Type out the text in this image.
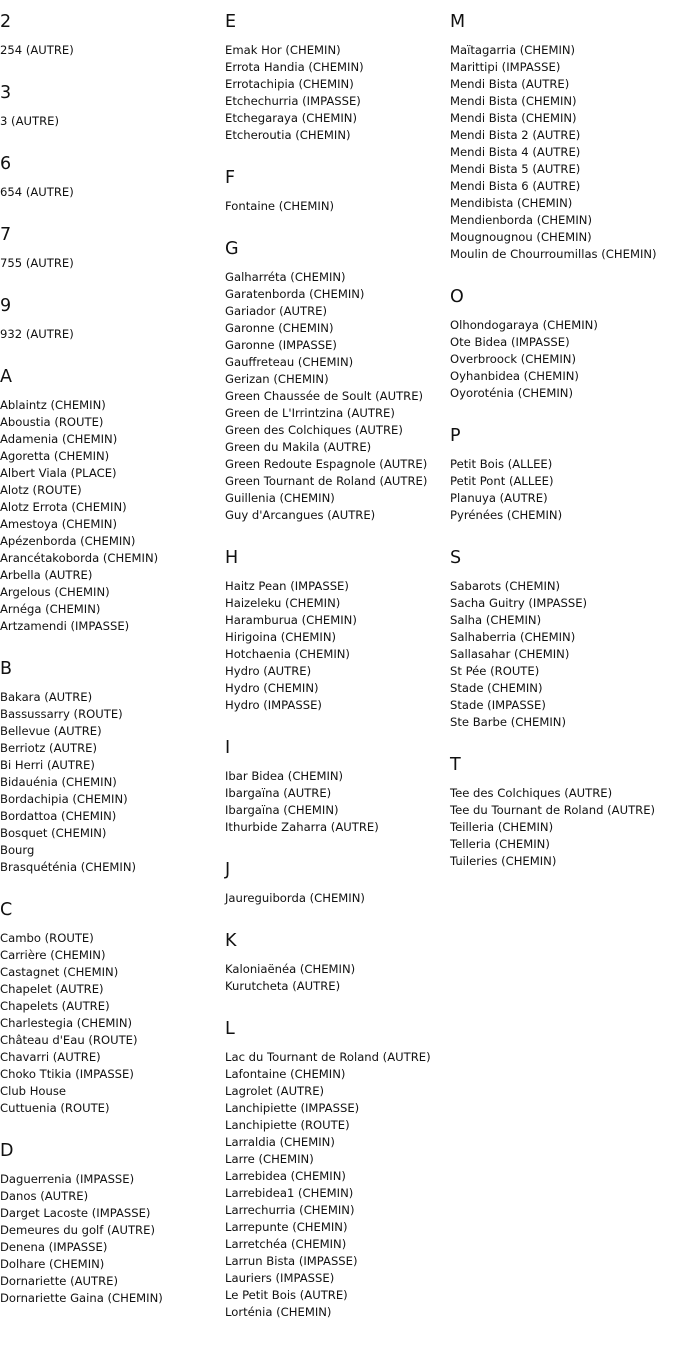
2
254 (AUTRE)
3
3 (AUTRE)
6
654 (AUTRE)
7
755 (AUTRE)
9
932 (AUTRE)
A
Ablaintz (CHEMIN)
Aboustia (ROUTE)
Adamenia (CHEMIN)
Agoretta (CHEMIN)
Albert Viala (PLACE)
Alotz (ROUTE)
Alotz Errota (CHEMIN)
Amestoya (CHEMIN)
Apézenborda (CHEMIN)
Arancétakoborda (CHEMIN)
Arbella (AUTRE)
Argelous (CHEMIN)
Arnéga (CHEMIN)
Artzamendi (IMPASSE)
B
Bakara (AUTRE)
Bassussarry (ROUTE)
Bellevue (AUTRE)
Berriotz (AUTRE)
Bi Herri (AUTRE)
Bidauénia (CHEMIN)
Bordachipia (CHEMIN)
Bordattoa (CHEMIN)
Bosquet (CHEMIN)
Bourg
Brasquéténia (CHEMIN)
C
Cambo (ROUTE)
Carrière (CHEMIN)
Castagnet (CHEMIN)
Chapelet (AUTRE)
Chapelets (AUTRE)
Charlestegia (CHEMIN)
Château d'Eau (ROUTE)
Chavarri (AUTRE)
Choko Ttikia (IMPASSE)
Club House
Cuttuenia (ROUTE)
D
Daguerrenia (IMPASSE)
Danos (AUTRE)
Darget Lacoste (IMPASSE)
Demeures du golf (AUTRE)
Denena (IMPASSE)
Dolhare (CHEMIN)
Dornariette (AUTRE)
Dornariette Gaina (CHEMIN)
E
Emak Hor (CHEMIN)
Errota Handia (CHEMIN)
Errotachipia (CHEMIN)
Etchechurria (IMPASSE)
Etchegaraya (CHEMIN)
Etcheroutia (CHEMIN)
F
Fontaine (CHEMIN)
G
Galharréta (CHEMIN)
Garatenborda (CHEMIN)
Gariador (AUTRE)
Garonne (CHEMIN)
Garonne (IMPASSE)
Gauffreteau (CHEMIN)
Gerizan (CHEMIN)
Green Chaussée de Soult (AUTRE)
Green de L'Irrintzina (AUTRE)
Green des Colchiques (AUTRE)
Green du Makila (AUTRE)
Green Redoute Espagnole (AUTRE)
Green Tournant de Roland (AUTRE)
Guillenia (CHEMIN)
Guy d'Arcangues (AUTRE)
H
Haitz Pean (IMPASSE)
Haizeleku (CHEMIN)
Haramburua (CHEMIN)
Hirigoina (CHEMIN)
Hotchaenia (CHEMIN)
Hydro (AUTRE)
Hydro (CHEMIN)
Hydro (IMPASSE)
I
Ibar Bidea (CHEMIN)
Ibargaïna (AUTRE)
Ibargaïna (CHEMIN)
Ithurbide Zaharra (AUTRE)
J
Jaureguiborda (CHEMIN)
K
Kaloniaënéa (CHEMIN)
Kurutcheta (AUTRE)
L
Lac du Tournant de Roland (AUTRE)
Lafontaine (CHEMIN)
Lagrolet (AUTRE)
Lanchipiette (IMPASSE)
Lanchipiette (ROUTE)
Larraldia (CHEMIN)
Larre (CHEMIN)
Larrebidea (CHEMIN)
Larrebidea1 (CHEMIN)
Larrechurria (CHEMIN)
Larrepunte (CHEMIN)
Larretchéa (CHEMIN)
Larrun Bista (IMPASSE)
Lauriers (IMPASSE)
Le Petit Bois (AUTRE)
Lorténia (CHEMIN)
M
Maïtagarria (CHEMIN)
Marittipi (IMPASSE)
Mendi Bista (AUTRE)
Mendi Bista (CHEMIN)
Mendi Bista (CHEMIN)
Mendi Bista 2 (AUTRE)
Mendi Bista 4 (AUTRE)
Mendi Bista 5 (AUTRE)
Mendi Bista 6 (AUTRE)
Mendibista (CHEMIN)
Mendienborda (CHEMIN)
Mougnougnou (CHEMIN)
Moulin de Chourroumillas (CHEMIN)
O
Olhondogaraya (CHEMIN)
Ote Bidea (IMPASSE)
Overbroock (CHEMIN)
Oyhanbidea (CHEMIN)
Oyoroténia (CHEMIN)
P
Petit Bois (ALLEE)
Petit Pont (ALLEE)
Planuya (AUTRE)
Pyrénées (CHEMIN)
S
Sabarots (CHEMIN)
Sacha Guitry (IMPASSE)
Salha (CHEMIN)
Salhaberria (CHEMIN)
Sallasahar (CHEMIN)
St Pée (ROUTE)
Stade (CHEMIN)
Stade (IMPASSE)
Ste Barbe (CHEMIN)
T
Tee des Colchiques (AUTRE)
Tee du Tournant de Roland (AUTRE)
Teilleria (CHEMIN)
Telleria (CHEMIN)
Tuileries (CHEMIN)
